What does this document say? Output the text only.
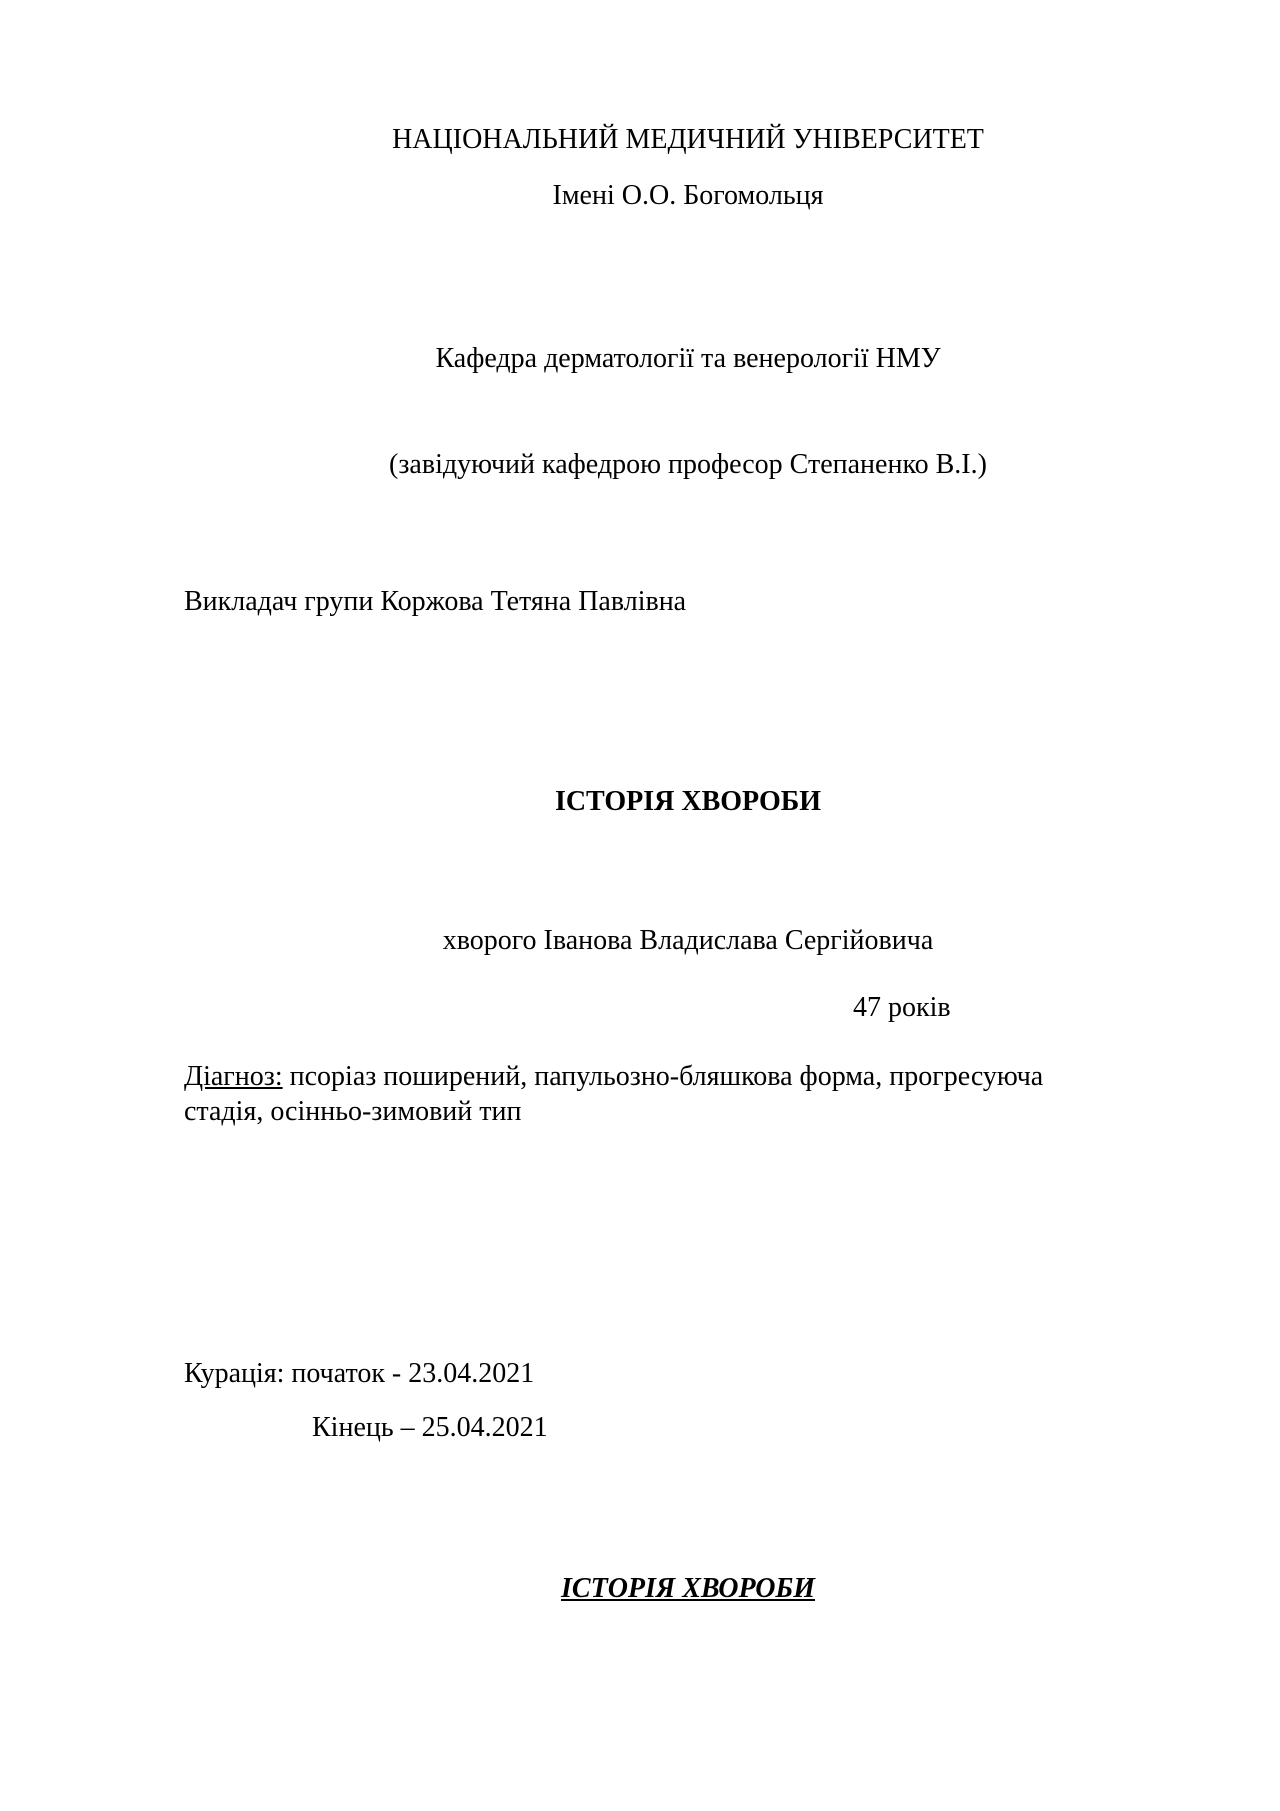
НАЦІОНАЛЬНИЙ МЕДИЧНИЙ УНІВЕРСИТЕТ
Імені О.О. Богомольця
Кафедра дерматології та венерології НМУ
(завідуючий кафедрою професор Степаненко В.І.)
Викладач групи Коржова Тетяна Павлівна
ІСТОРІЯ ХВОРОБИ
хворого Іванова Владислава Сергійовича
47 років
Діагноз: псоріаз поширений, папульозно-бляшкова форма, прогресуюча стадія, осінньо-зимовий тип
Курація: початок - 23.04.2021
Кінець – 25.04.2021
ІСТОРІЯ ХВОРОБИ
